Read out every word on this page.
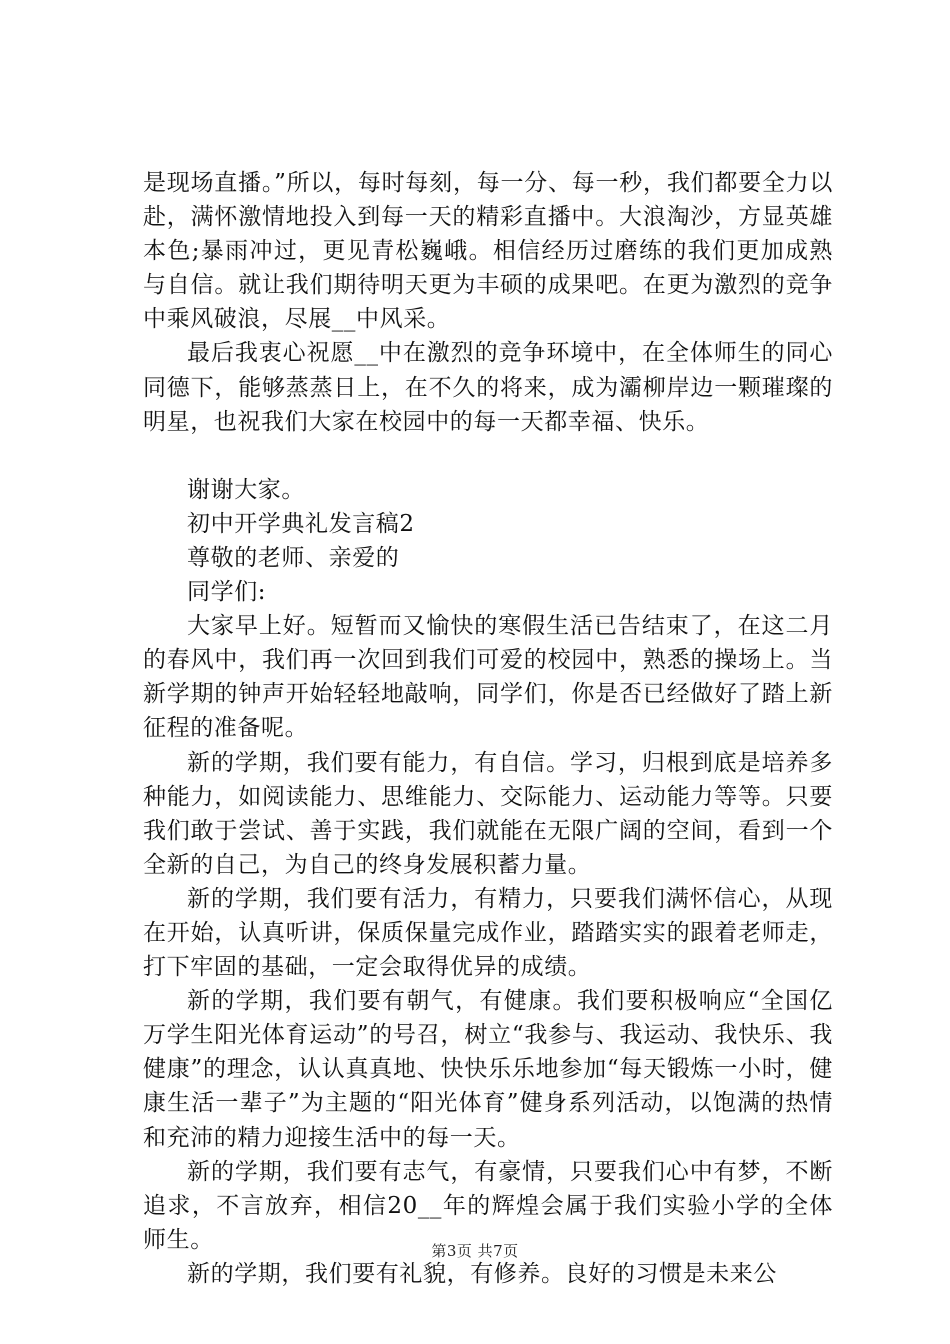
是现场直播。”所以，每时每刻，每一分、每一秒，我们都要全力以赴，满怀激情地投入到每一天的精彩直播中。大浪淘沙，方显英雄本色;暴雨冲过，更见青松巍峨。相信经历过磨练的我们更加成熟与自信。就让我们期待明天更为丰硕的成果吧。在更为激烈的竞争中乘风破浪，尽展__中风采。

最后我衷心祝愿__中在激烈的竞争环境中，在全体师生的同心同德下，能够蒸蒸日上，在不久的将来，成为灞柳岸边一颗璀璨的明星，也祝我们大家在校园中的每一天都幸福、快乐。

谢谢大家。

初中开学典礼发言稿2

尊敬的老师、亲爱的

同学们:

大家早上好。短暂而又愉快的寒假生活已告结束了，在这二月的春风中，我们再一次回到我们可爱的校园中，熟悉的操场上。当新学期的钟声开始轻轻地敲响，同学们，你是否已经做好了踏上新征程的准备呢。

新的学期，我们要有能力，有自信。学习，归根到底是培养多种能力，如阅读能力、思维能力、交际能力、运动能力等等。只要我们敢于尝试、善于实践，我们就能在无限广阔的空间，看到一个全新的自己，为自己的终身发展积蓄力量。

新的学期，我们要有活力，有精力，只要我们满怀信心，从现在开始，认真听讲，保质保量完成作业，踏踏实实的跟着老师走，打下牢固的基础，一定会取得优异的成绩。

新的学期，我们要有朝气，有健康。我们要积极响应“全国亿万学生阳光体育运动”的号召，树立“我参与、我运动、我快乐、我健康”的理念，认认真真地、快快乐乐地参加“每天锻炼一小时，健康生活一辈子”为主题的“阳光体育”健身系列活动，以饱满的热情和充沛的精力迎接生活中的每一天。

新的学期，我们要有志气，有豪情，只要我们心中有梦，不断追求，不言放弃，相信20__年的辉煌会属于我们实验小学的全体师生。

新的学期，我们要有礼貌，有修养。良好的习惯是未来公

第3页 共7页
